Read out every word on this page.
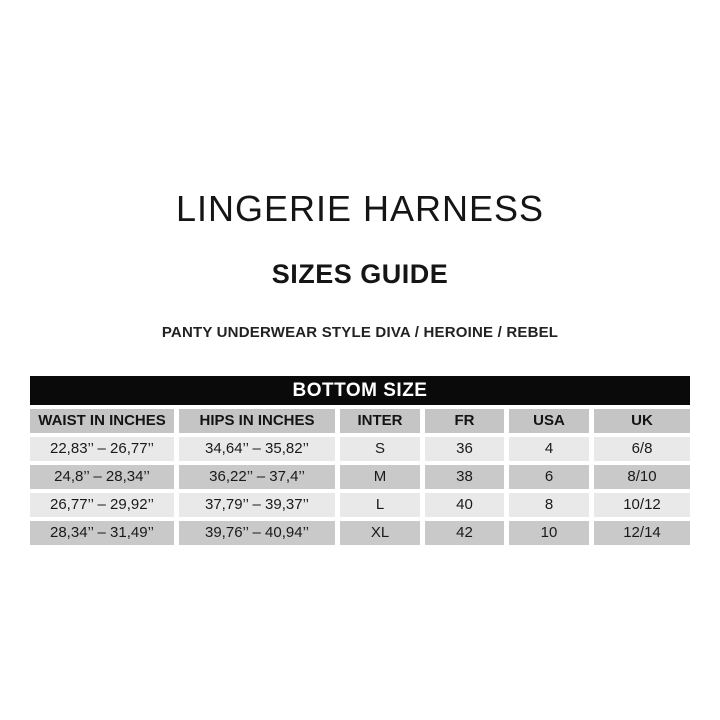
LINGERIE HARNESS
SIZES GUIDE
PANTY UNDERWEAR STYLE DIVA / HEROINE / REBEL
BOTTOM SIZE
WAIST IN INCHES	HIPS IN INCHES	INTER	FR	USA	UK
22,83’’ – 26,77’’	34,64’’ – 35,82’’	S	36	4	6/8
24,8’’ – 28,34’’	36,22’’ – 37,4’’	M	38	6	8/10
26,77’’ – 29,92’’	37,79’’ – 39,37’’	L	40	8	10/12
28,34’’ – 31,49’’	39,76’’ – 40,94’’	XL	42	10	12/14
